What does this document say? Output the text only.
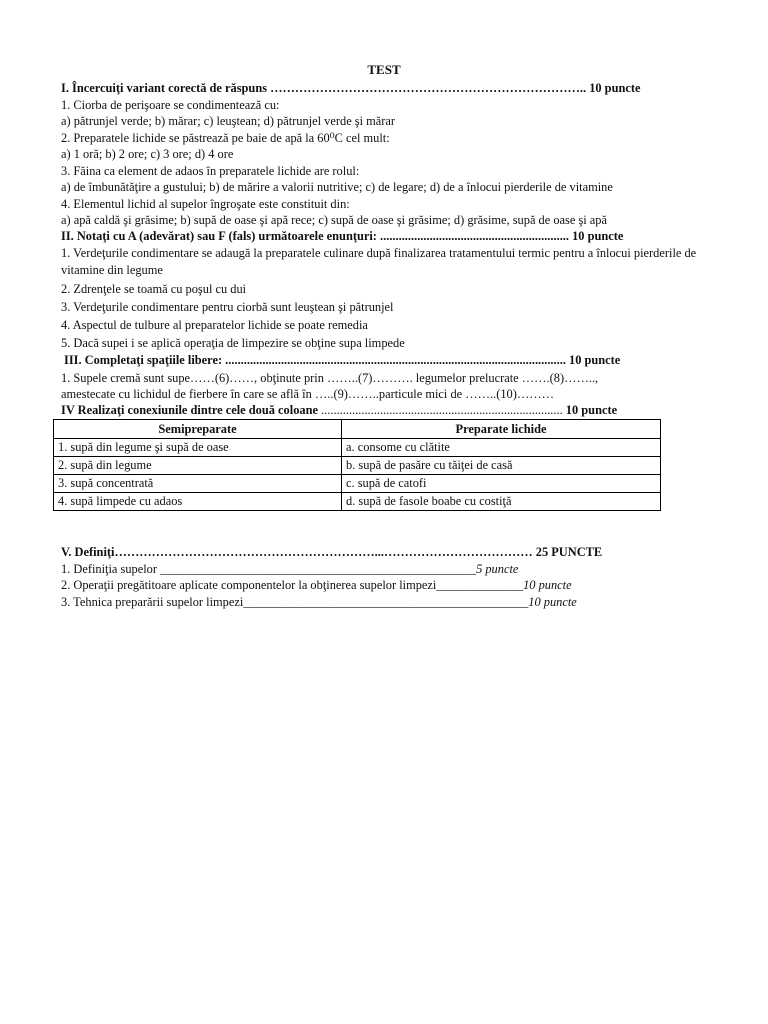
TEST
I. Încercuiţi variant corectă de răspuns ………………………………………………………………….. 10 puncte
1. Ciorba de perişoare se condimentează cu:
a) pătrunjel verde; b) mărar; c) leuştean; d) pătrunjel verde şi mărar
2. Preparatele lichide se păstrează pe baie de apă la 60⁰C cel mult:
a) 1 oră; b) 2 ore; c) 3 ore; d) 4 ore
3. Făina ca element de adaos în preparatele lichide are rolul:
a) de îmbunătăţire a gustului; b) de mărire a valorii nutritive; c) de legare; d) de a înlocui pierderile de vitamine
4. Elementul lichid al supelor îngroşate este constituit din:
a) apă caldă şi grăsime; b) supă de oase şi apă rece; c) supă de oase şi grăsime; d) grăsime, supă de oase şi apă
II. Notaţi cu A (adevărat) sau F (fals) următoarele enunţuri: ............................................................. 10 puncte
1. Verdeţurile condimentare se adaugă la preparatele culinare după finalizarea tratamentului termic pentru a înlocui pierderile de vitamine din legume
2. Zdrenţele se toamă cu poşul cu dui
3. Verdeţurile condimentare pentru ciorbă sunt leuştean şi pătrunjel
4. Aspectul de tulbure al preparatelor lichide se poate remedia
5. Dacă supei i se aplică operaţia de limpezire se obţine supa limpede
III. Completaţi spaţiile libere: .............................................................................................................. 10 puncte
1. Supele cremă sunt supe……(6)……, obţinute prin ……..(7)………. legumelor prelucrate …….(8)……..,
amestecate cu lichidul de fierbere în care se află în …..(9)……..particule mici de ……..(10)………
IV Realizaţi conexiunile dintre cele două coloane .............................................................................. 10 puncte
Semipreparate	Preparate lichide
1. supă din legume şi supă de oase	a. consome cu clătite
2. supă din legume	b. supă de pasăre cu tăiţei de casă
3. supă concentrată	c. supă de catofi
4. supă limpede cu adaos	d. supă de fasole boabe cu costiţă
V. Definiţi………………………………………………………...……………………………… 25 PUNCTE
1. Definiţia supelor ___________________________________________________5 puncte
2. Operaţii pregătitoare aplicate componentelor la obţinerea supelor limpezi______________10 puncte
3. Tehnica preparării supelor limpezi______________________________________________10 puncte
